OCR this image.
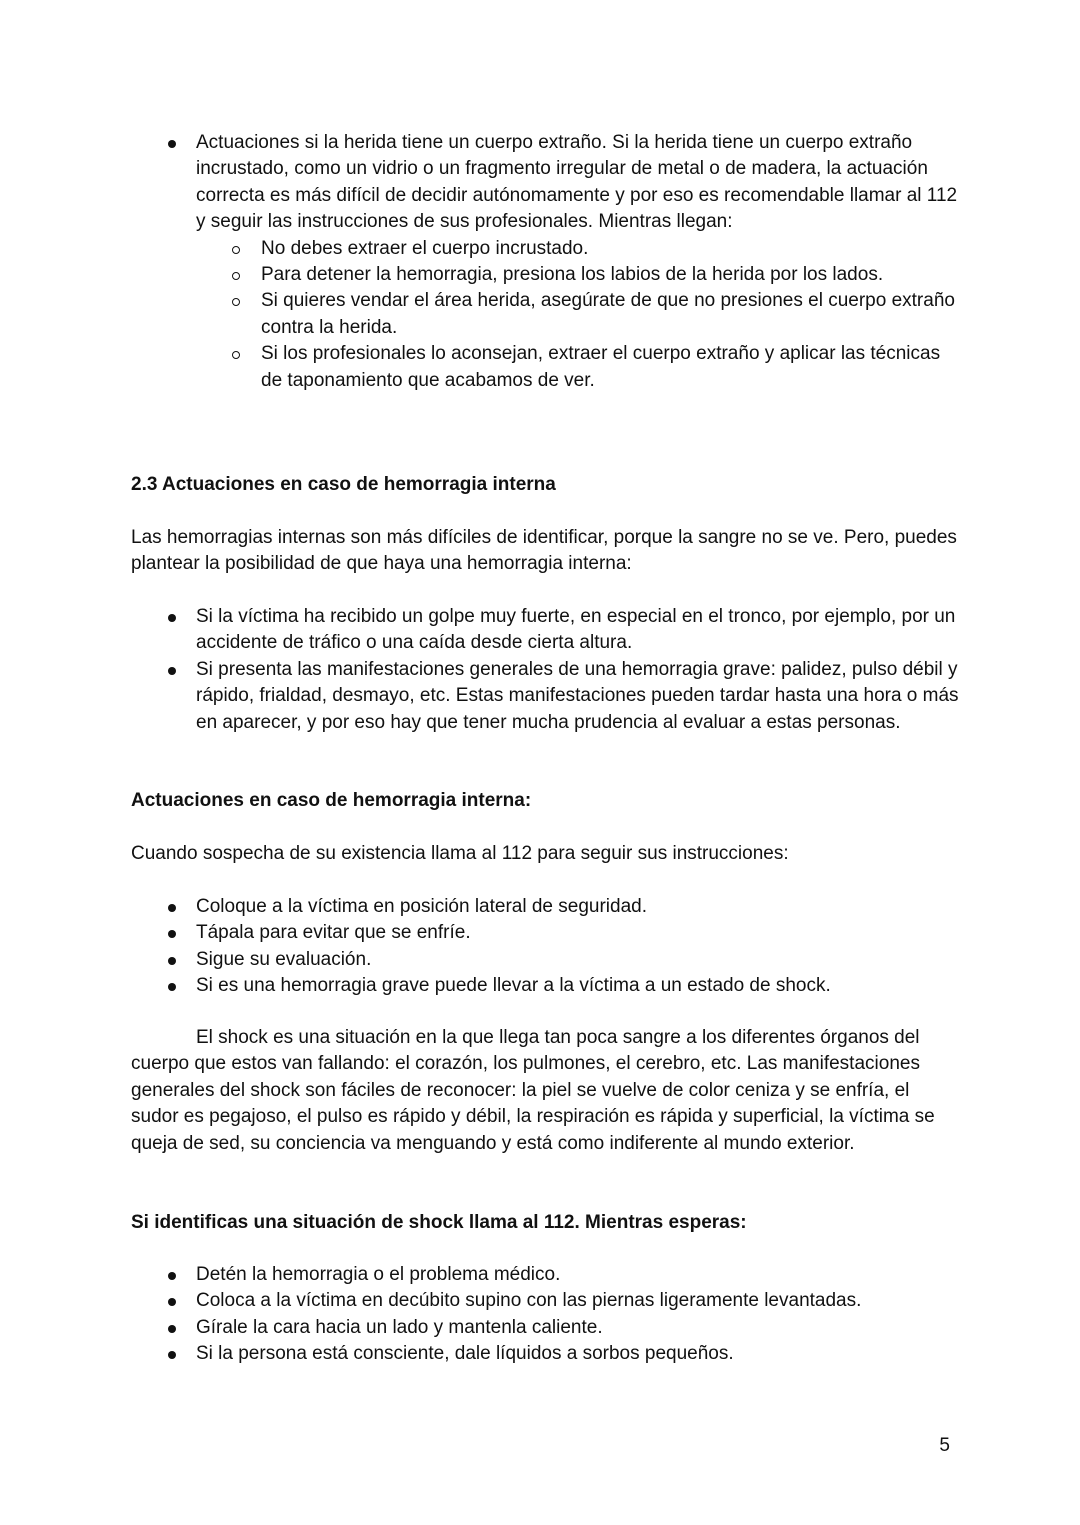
Actuaciones si la herida tiene un cuerpo extraño. Si la herida tiene un cuerpo extraño incrustado, como un vidrio o un fragmento irregular de metal o de madera, la actuación correcta es más difícil de decidir autónomamente y por eso es recomendable llamar al 112 y seguir las instrucciones de sus profesionales. Mientras llegan:
No debes extraer el cuerpo incrustado.
Para detener la hemorragia, presiona los labios de la herida por los lados.
Si quieres vendar el área herida, asegúrate de que no presiones el cuerpo extraño contra la herida.
Si los profesionales lo aconsejan, extraer el cuerpo extraño y aplicar las técnicas de taponamiento que acabamos de ver.

2.3 Actuaciones en caso de hemorragia interna

Las hemorragias internas son más difíciles de identificar, porque la sangre no se ve. Pero, puedes plantear la posibilidad de que haya una hemorragia interna:

Si la víctima ha recibido un golpe muy fuerte, en especial en el tronco, por ejemplo, por un accidente de tráfico o una caída desde cierta altura.
Si presenta las manifestaciones generales de una hemorragia grave: palidez, pulso débil y rápido, frialdad, desmayo, etc. Estas manifestaciones pueden tardar hasta una hora o más en aparecer, y por eso hay que tener mucha prudencia al evaluar a estas personas.

Actuaciones en caso de hemorragia interna:

Cuando sospecha de su existencia llama al 112 para seguir sus instrucciones:

Coloque a la víctima en posición lateral de seguridad.
Tápala para evitar que se enfríe.
Sigue su evaluación.
Si es una hemorragia grave puede llevar a la víctima a un estado de shock.

El shock es una situación en la que llega tan poca sangre a los diferentes órganos del cuerpo que estos van fallando: el corazón, los pulmones, el cerebro, etc. Las manifestaciones generales del shock son fáciles de reconocer: la piel se vuelve de color ceniza y se enfría, el sudor es pegajoso, el pulso es rápido y débil, la respiración es rápida y superficial, la víctima se queja de sed, su conciencia va menguando y está como indiferente al mundo exterior.

Si identificas una situación de shock llama al 112. Mientras esperas:

Detén la hemorragia o el problema médico.
Coloca a la víctima en decúbito supino con las piernas ligeramente levantadas.
Gírale la cara hacia un lado y mantenla caliente.
Si la persona está consciente, dale líquidos a sorbos pequeños.
5
